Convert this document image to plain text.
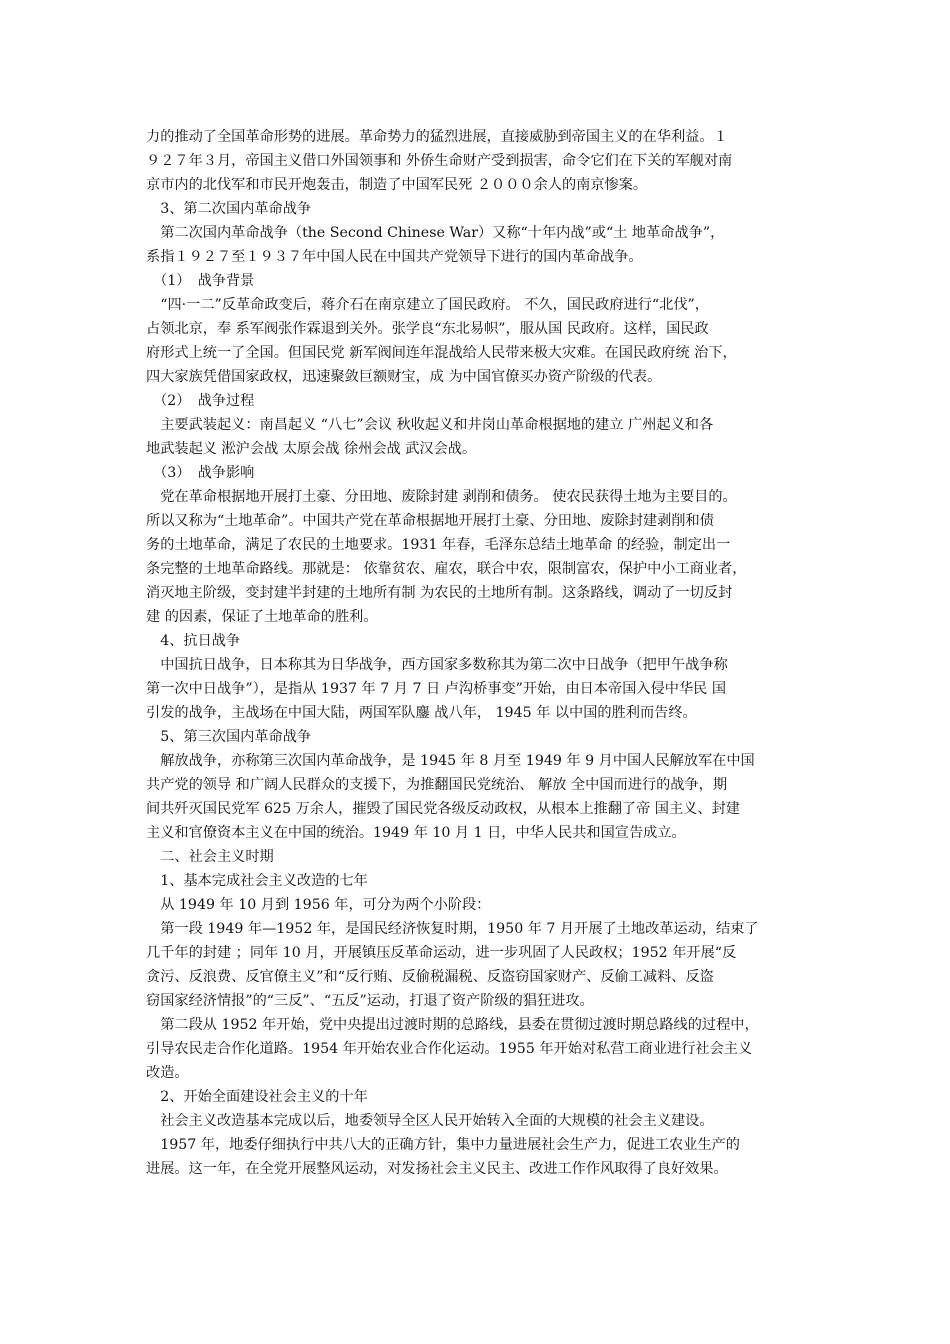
力的推动了全国革命形势的进展。革命势力的猛烈进展，直接威胁到帝国主义的在华利益。１
９２７年３月，帝国主义借口外国领事和 外侨生命财产受到损害，命令它们在下关的军舰对南
京市内的北伐军和市民开炮轰击，制造了中国军民死 ２０００余人的南京惨案。
　3、第二次国内革命战争
　第二次国内革命战争（the Second Chinese War）又称“十年内战”或“土 地革命战争”，
系指１９２７至１９３７年中国人民在中国共产党领导下进行的国内革命战争。
　（1）　战争背景
　“四·一二”反革命政变后，蒋介石在南京建立了国民政府。 不久，国民政府进行“北伐”，
占领北京，奉 系军阀张作霖退到关外。张学良“东北易帜”，服从国 民政府。这样，国民政
府形式上统一了全国。但国民党 新军阀间连年混战给人民带来极大灾难。在国民政府统 治下，
四大家族凭借国家政权，迅速聚敛巨额财宝，成 为中国官僚买办资产阶级的代表。
　（2）　战争过程
　主要武装起义：南昌起义 “八七”会议 秋收起义和井岗山革命根据地的建立 广州起义和各
地武装起义 淞沪会战 太原会战 徐州会战 武汉会战。
　（3）　战争影响
　党在革命根据地开展打土豪、分田地、废除封建 剥削和债务。 使农民获得土地为主要目的。
所以又称为“土地革命”。中国共产党在革命根据地开展打土豪、分田地、废除封建剥削和债
务的土地革命，满足了农民的土地要求。1931 年春，毛泽东总结土地革命 的经验，制定出一
条完整的土地革命路线。那就是： 依靠贫农、雇农，联合中农，限制富农，保护中小工商业者，
消灭地主阶级，变封建半封建的土地所有制 为农民的土地所有制。这条路线，调动了一切反封
建 的因素，保证了土地革命的胜利。
　4、抗日战争
　中国抗日战争，日本称其为日华战争，西方国家多数称其为第二次中日战争（把甲午战争称
第一次中日战争”），是指从 1937 年 7 月 7 日 卢沟桥事变”开始，由日本帝国入侵中华民 国
引发的战争，主战场在中国大陆，两国军队鏖 战八年， 1945 年 以中国的胜利而告终。
　5、第三次国内革命战争
　解放战争，亦称第三次国内革命战争，是 1945 年 8 月至 1949 年 9 月中国人民解放军在中国
共产党的领导 和广阔人民群众的支援下，为推翻国民党统治、 解放 全中国而进行的战争，期
间共歼灭国民党军 625 万余人，摧毁了国民党各级反动政权，从根本上推翻了帝 国主义、封建
主义和官僚资本主义在中国的统治。1949 年 10 月 1 日，中华人民共和国宣告成立。
　二、社会主义时期
　1、基本完成社会主义改造的七年
　从 1949 年 10 月到 1956 年，可分为两个小阶段：
　第一段 1949 年—1952 年，是国民经济恢复时期，1950 年 7 月开展了土地改革运动，结束了
几千年的封建 ；同年 10 月，开展镇压反革命运动，进一步巩固了人民政权；1952 年开展“反
贪污、反浪费、反官僚主义”和“反行贿、反偷税漏税、反盗窃国家财产、反偷工减料、反盗
窃国家经济情报”的“三反”、“五反”运动，打退了资产阶级的猖狂进攻。
　第二段从 1952 年开始，党中央提出过渡时期的总路线，县委在贯彻过渡时期总路线的过程中，
引导农民走合作化道路。1954 年开始农业合作化运动。1955 年开始对私营工商业进行社会主义
改造。
　2、开始全面建设社会主义的十年
　社会主义改造基本完成以后，地委领导全区人民开始转入全面的大规模的社会主义建设。
　1957 年，地委仔细执行中共八大的正确方针，集中力量进展社会生产力，促进工农业生产的
进展。这一年，在全党开展整风运动，对发扬社会主义民主、改进工作作风取得了良好效果。
